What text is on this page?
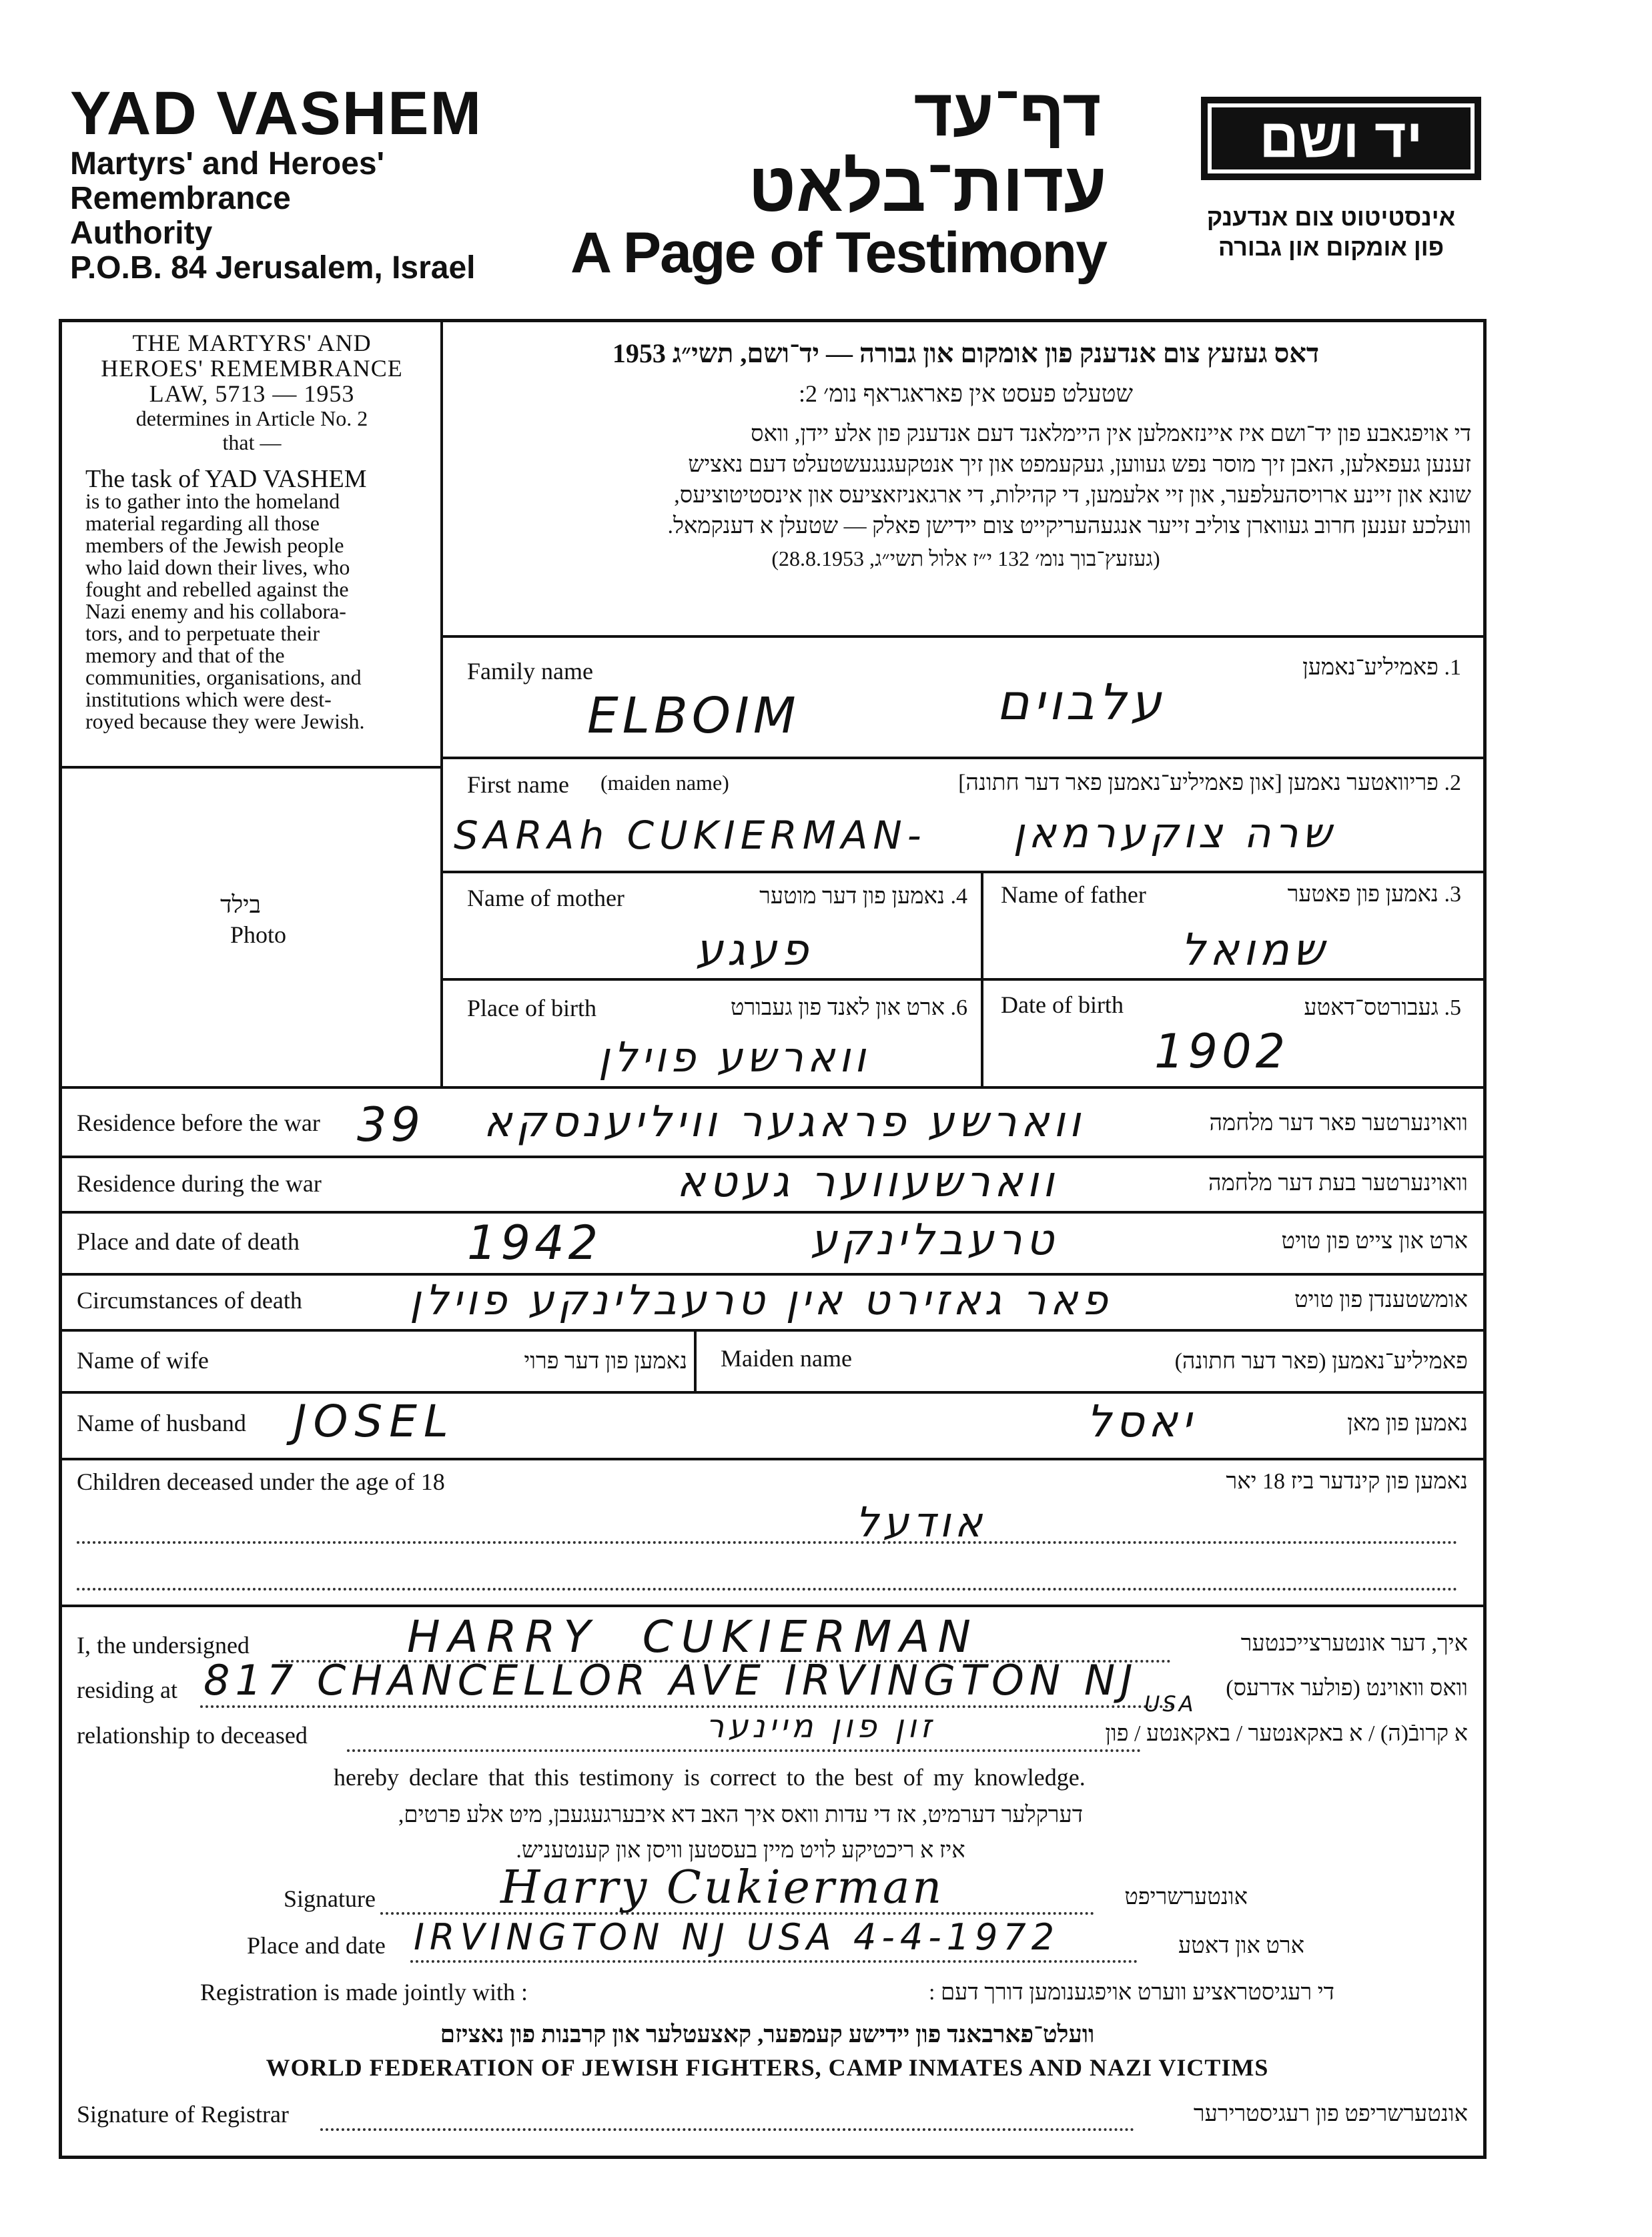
YAD VASHEM
Martyrs' and Heroes'
Remembrance
Authority
P.O.B. 84 Jerusalem, Israel
דף־עד
עדות־בלאט
A Page of Testimony
יד ושם
אינסטיטוט צום אנדענק
פון אומקום און גבורה
THE MARTYRS' AND
HEROES' REMEMBRANCE
LAW, 5713 — 1953
determines in Article No. 2
that —
The task of YAD VASHEM
is to gather into the homeland
material regarding all those
members of the Jewish people
who laid down their lives, who
fought and rebelled against the
Nazi enemy and his collabora-
tors, and to perpetuate their
memory and that of the
communities, organisations, and
institutions which were dest-
royed because they were Jewish.
בילד
Photo
דאס געזעץ צום אנדענק פון אומקום און גבורה — יד־ושם, תשי״ג 1953
שטעלט פעסט אין פאראגראף נומ׳ 2:
די אויפגאבע פון יד־ושם איז איינזאמלען אין היימלאנד דעם אנדענק פון אלע יידן, וואס
זענען געפאלען, האבן זיך מוסר נפש געווען, געקעמפט און זיך אנטקעגנגעשטעלט דעם נאציש
שונא און זיינע ארויסהעלפער, און זיי אלעמען, די קהילות, די ארגאניזאציעס און אינסטיטוציעס,
וועלכע זענען חרוב געווארן צוליב זייער אנגעהעריקייט צום יידישן פאלק — שטעלן א דענקמאל.
(געזעץ־בוך נומ׳ 132 י״ז אלול תשי״ג, 28.8.1953)
Family name	1. פאמיליע־נאמען
ELBOIM	עלבוים
First name (maiden name)	2. פריוואטער נאמען [און פאמיליע־נאמען פאר דער חתונה]
SARAh CUKIERMAN-	שרה צוקערמאן
Name of mother	4. נאמען פון דער מוטער
פעגע
Name of father	3. נאמען פון פאטער
שמואל
Place of birth	6. ארט און לאנד פון געבורט
ווארשע פוילן
Date of birth	5. געבורטס־דאטע
1902
Residence before the war 39	ווארשע פראגער וויליענסקא	וואוינערטער פאר דער מלחמה
Residence during the war	ווארשעווער געטא	וואוינערטער בעת דער מלחמה
Place and date of death	1942	טרעבלינקע	ארט און צייט פון טויט
Circumstances of death	פאר גאזירט אין טרעבלינקע פוילן	אומשטענדן פון טויט
Name of wife	נאמען פון דער פרוי Maiden name	פאמיליע־נאמען (פאר דער חתונה)
Name of husband JOSEL	יאסל	נאמען פון מאן
Children deceased under the age of 18	נאמען פון קינדער ביז 18 יאר
אודעל
I, the undersigned	HARRY  CUKIERMAN	איך, דער אונטערצייכנטער
residing at 817 CHANCELLOR AVE IRVINGTON NJ USA
וואס וואוינט (פולער אדרעס)
relationship to deceased	זון פון מיינער	א קרובֿ(ה) / א באקאנטער / באקאנטע / פון
hereby declare that this testimony is correct to the best of my knowledge.
דערקלער דערמיט, אז די עדות וואס איך האב דא איבערגעגעבן, מיט אלע פרטים,
איז א ריכטיקע לויט מיין בעסטען וויסן און קענטעניש.
Signature	Harry Cukierman	אונטערשריפט
Place and date IRVINGTON NJ USA 4-4-1972	ארט און דאטע
Registration is made jointly with :	די רעגיסטראציע ווערט אויפגענומען דורך דעם :
וועלט־פארבאנד פון יידישע קעמפער, קאצעטלער און קרבנות פון נאציזם
WORLD FEDERATION OF JEWISH FIGHTERS, CAMP INMATES AND NAZI VICTIMS
Signature of Registrar	אונטערשריפט פון רעגיסטרירער
